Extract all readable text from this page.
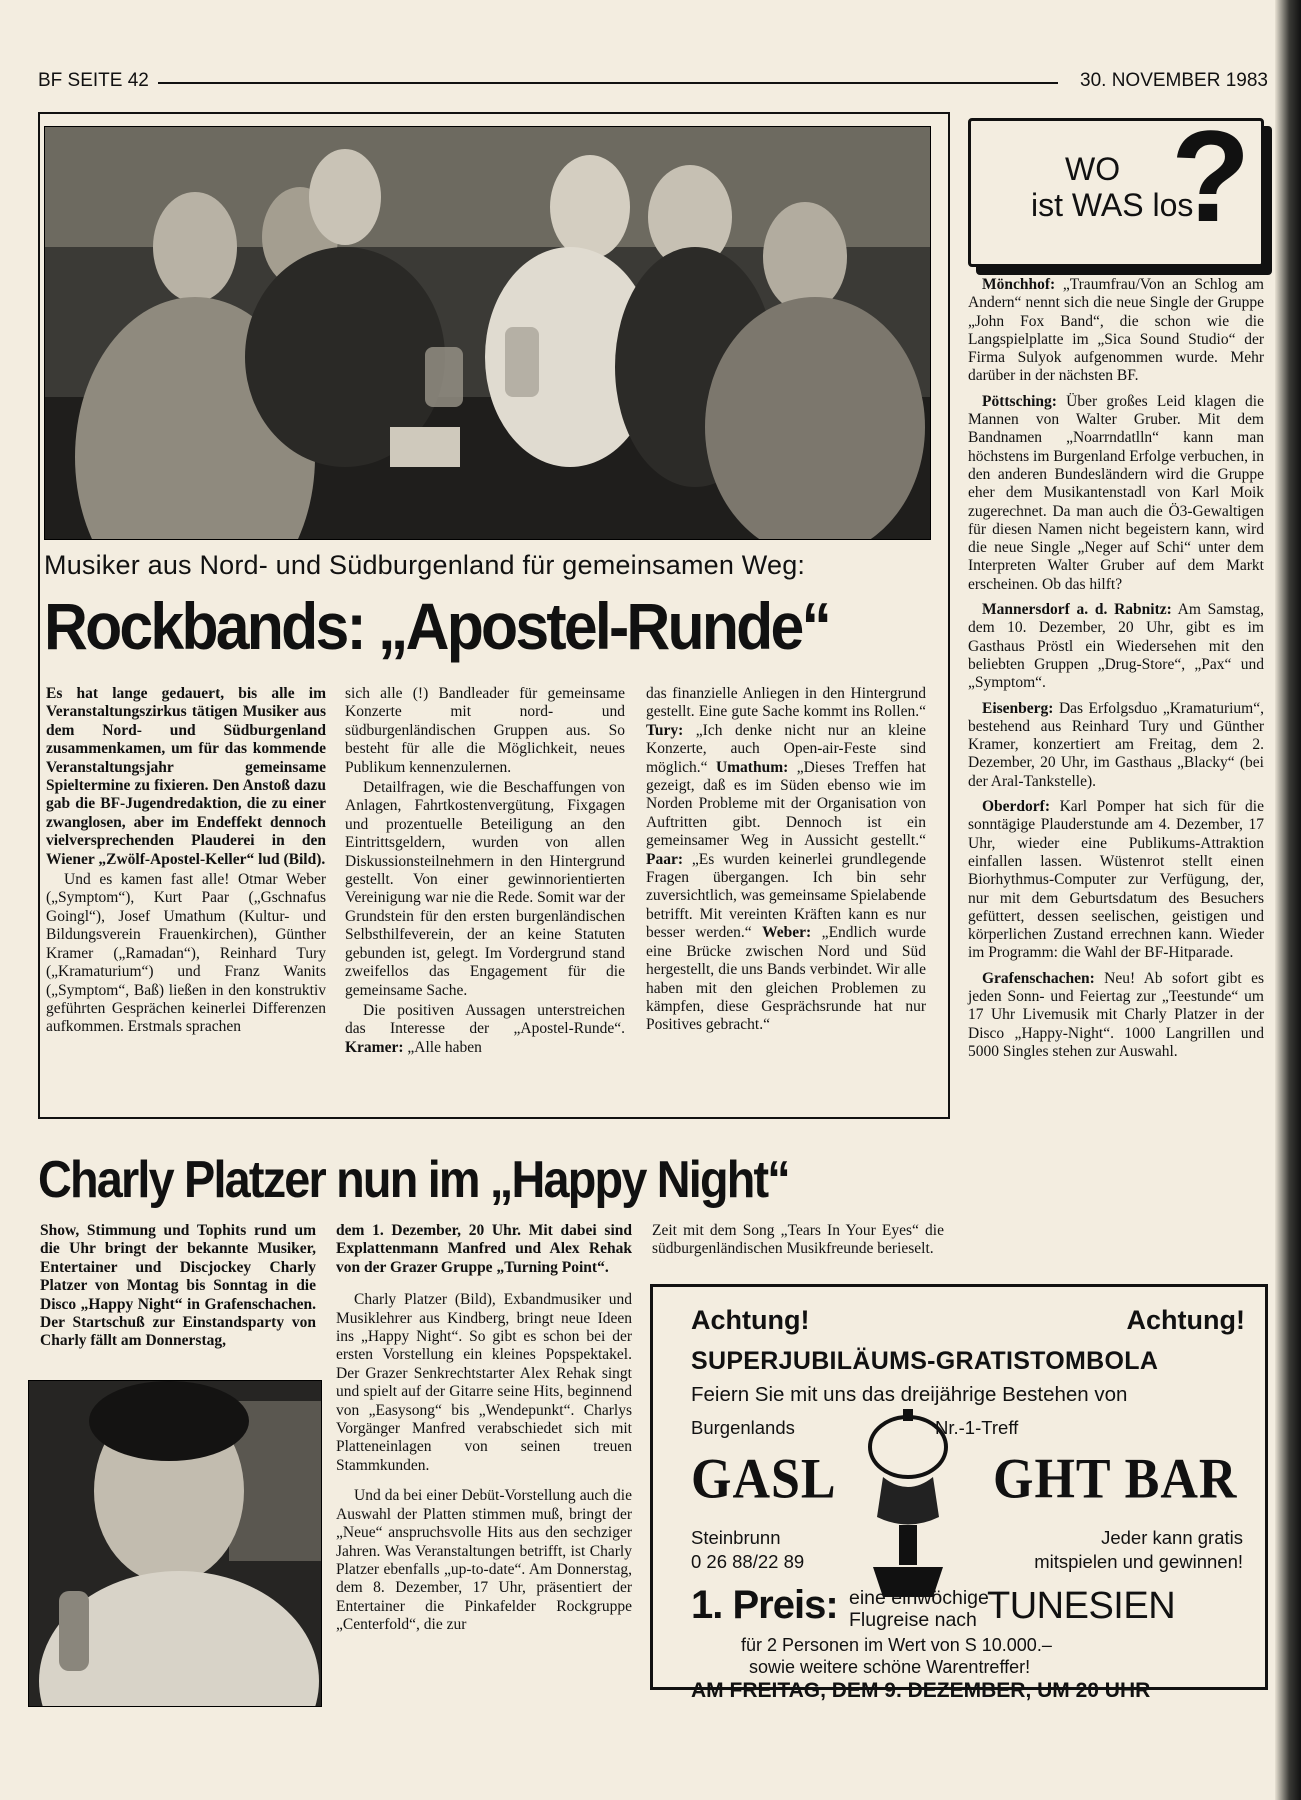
BF SEITE 42	30. NOVEMBER 1983
Musiker aus Nord- und Südburgenland für gemeinsamen Weg:
Rockbands: „Apostel-Runde“

Es hat lange gedauert, bis alle im Veranstaltungszirkus tätigen Musiker aus dem Nord- und Südburgenland zusammenkamen, um für das kommende Veranstaltungsjahr gemeinsame Spieltermine zu fixieren. Den Anstoß dazu gab die BF-Jugendredaktion, die zu einer zwanglosen, aber im Endeffekt dennoch vielversprechenden Plauderei in den Wiener „Zwölf-Apostel-Keller“ lud (Bild).

Und es kamen fast alle! Otmar Weber („Symptom“), Kurt Paar („Gschnafus Goingl“), Josef Umathum (Kultur- und Bildungsverein Frauenkirchen), Günther Kramer („Ramadan“), Reinhard Tury („Kramaturium“) und Franz Wanits („Symptom“, Baß) ließen in den konstruktiv geführten Gesprächen keinerlei Differenzen aufkommen. Erstmals sprachen

sich alle (!) Bandleader für gemeinsame Konzerte mit nord- und südburgenländischen Gruppen aus. So besteht für alle die Möglichkeit, neues Publikum kennenzulernen.

Detailfragen, wie die Beschaffungen von Anlagen, Fahrtkostenvergütung, Fixgagen und prozentuelle Beteiligung an den Eintrittsgeldern, wurden von allen Diskussionsteilnehmern in den Hintergrund gestellt. Von einer gewinnorientierten Vereinigung war nie die Rede. Somit war der Grundstein für den ersten burgenländischen Selbsthilfeverein, der an keine Statuten gebunden ist, gelegt. Im Vordergrund stand zweifellos das Engagement für die gemeinsame Sache.

Die positiven Aussagen unterstreichen das Interesse der „Apostel-Runde“. Kramer: „Alle haben

das finanzielle Anliegen in den Hintergrund gestellt. Eine gute Sache kommt ins Rollen.“ Tury: „Ich denke nicht nur an kleine Konzerte, auch Open-air-Feste sind möglich.“ Umathum: „Dieses Treffen hat gezeigt, daß es im Süden ebenso wie im Norden Probleme mit der Organisation von Auftritten gibt. Dennoch ist ein gemeinsamer Weg in Aussicht gestellt.“ Paar: „Es wurden keinerlei grundlegende Fragen übergangen. Ich bin sehr zuversichtlich, was gemeinsame Spielabende betrifft. Mit vereinten Kräften kann es nur besser werden.“ Weber: „Endlich wurde eine Brücke zwischen Nord und Süd hergestellt, die uns Bands verbindet. Wir alle haben mit den gleichen Problemen zu kämpfen, diese Gesprächsrunde hat nur Positives gebracht.“

WO
ist WAS los
?

Mönchhof: „Traumfrau/Von an Schlog am Andern“ nennt sich die neue Single der Gruppe „John Fox Band“, die schon wie die Langspielplatte im „Sica Sound Studio“ der Firma Sulyok aufgenommen wurde. Mehr darüber in der nächsten BF.

Pöttsching: Über großes Leid klagen die Mannen von Walter Gruber. Mit dem Bandnamen „Noarrndatlln“ kann man höchstens im Burgenland Erfolge verbuchen, in den anderen Bundesländern wird die Gruppe eher dem Musikantenstadl von Karl Moik zugerechnet. Da man auch die Ö3-Gewaltigen für diesen Namen nicht begeistern kann, wird die neue Single „Neger auf Schi“ unter dem Interpreten Walter Gruber auf dem Markt erscheinen. Ob das hilft?

Mannersdorf a. d. Rabnitz: Am Samstag, dem 10. Dezember, 20 Uhr, gibt es im Gasthaus Pröstl ein Wiedersehen mit den beliebten Gruppen „Drug-Store“, „Pax“ und „Symptom“.

Eisenberg: Das Erfolgsduo „Kramaturium“, bestehend aus Reinhard Tury und Günther Kramer, konzertiert am Freitag, dem 2. Dezember, 20 Uhr, im Gasthaus „Blacky“ (bei der Aral-Tankstelle).

Oberdorf: Karl Pomper hat sich für die sonntägige Plauderstunde am 4. Dezember, 17 Uhr, wieder eine Publikums-Attraktion einfallen lassen. Wüstenrot stellt einen Biorhythmus-Computer zur Verfügung, der, nur mit dem Geburtsdatum des Besuchers gefüttert, dessen seelischen, geistigen und körperlichen Zustand errechnen kann. Wieder im Programm: die Wahl der BF-Hitparade.

Grafenschachen: Neu! Ab sofort gibt es jeden Sonn- und Feiertag zur „Teestunde“ um 17 Uhr Livemusik mit Charly Platzer in der Disco „Happy-Night“. 1000 Langrillen und 5000 Singles stehen zur Auswahl.

Charly Platzer nun im „Happy Night“

Show, Stimmung und Tophits rund um die Uhr bringt der bekannte Musiker, Entertainer und Discjockey Charly Platzer von Montag bis Sonntag in die Disco „Happy Night“ in Grafenschachen. Der Startschuß zur Einstandsparty von Charly fällt am Donnerstag,

dem 1. Dezember, 20 Uhr. Mit dabei sind Explattenmann Manfred und Alex Rehak von der Grazer Gruppe „Turning Point“.

Charly Platzer (Bild), Exbandmusiker und Musiklehrer aus Kindberg, bringt neue Ideen ins „Happy Night“. So gibt es schon bei der ersten Vorstellung ein kleines Popspektakel. Der Grazer Senkrechtstarter Alex Rehak singt und spielt auf der Gitarre seine Hits, beginnend von „Easysong“ bis „Wendepunkt“. Charlys Vorgänger Manfred verabschiedet sich mit Platteneinlagen von seinen treuen Stammkunden.

Und da bei einer Debüt-Vorstellung auch die Auswahl der Platten stimmen muß, bringt der „Neue“ anspruchsvolle Hits aus den sechziger Jahren. Was Veranstaltungen betrifft, ist Charly Platzer ebenfalls „up-to-date“. Am Donnerstag, dem 8. Dezember, 17 Uhr, präsentiert der Entertainer die Pinkafelder Rockgruppe „Centerfold“, die zur

Zeit mit dem Song „Tears In Your Eyes“ die südburgenländischen Musikfreunde berieselt.

Achtung!	Achtung!
SUPERJUBILÄUMS-GRATISTOMBOLA
Feiern Sie mit uns das dreijährige Bestehen von
Burgenlands	Nr.-1-Treff
GASL	GHT BAR
Steinbrunn
0 26 88/22 89
Jeder kann gratis
mitspielen und gewinnen!
1. Preis: eine einwöchige
Flugreise nach TUNESIEN
für 2 Personen im Wert von S 10.000.–
sowie weitere schöne Warentreffer!
AM FREITAG, DEM 9. DEZEMBER, UM 20 UHR
